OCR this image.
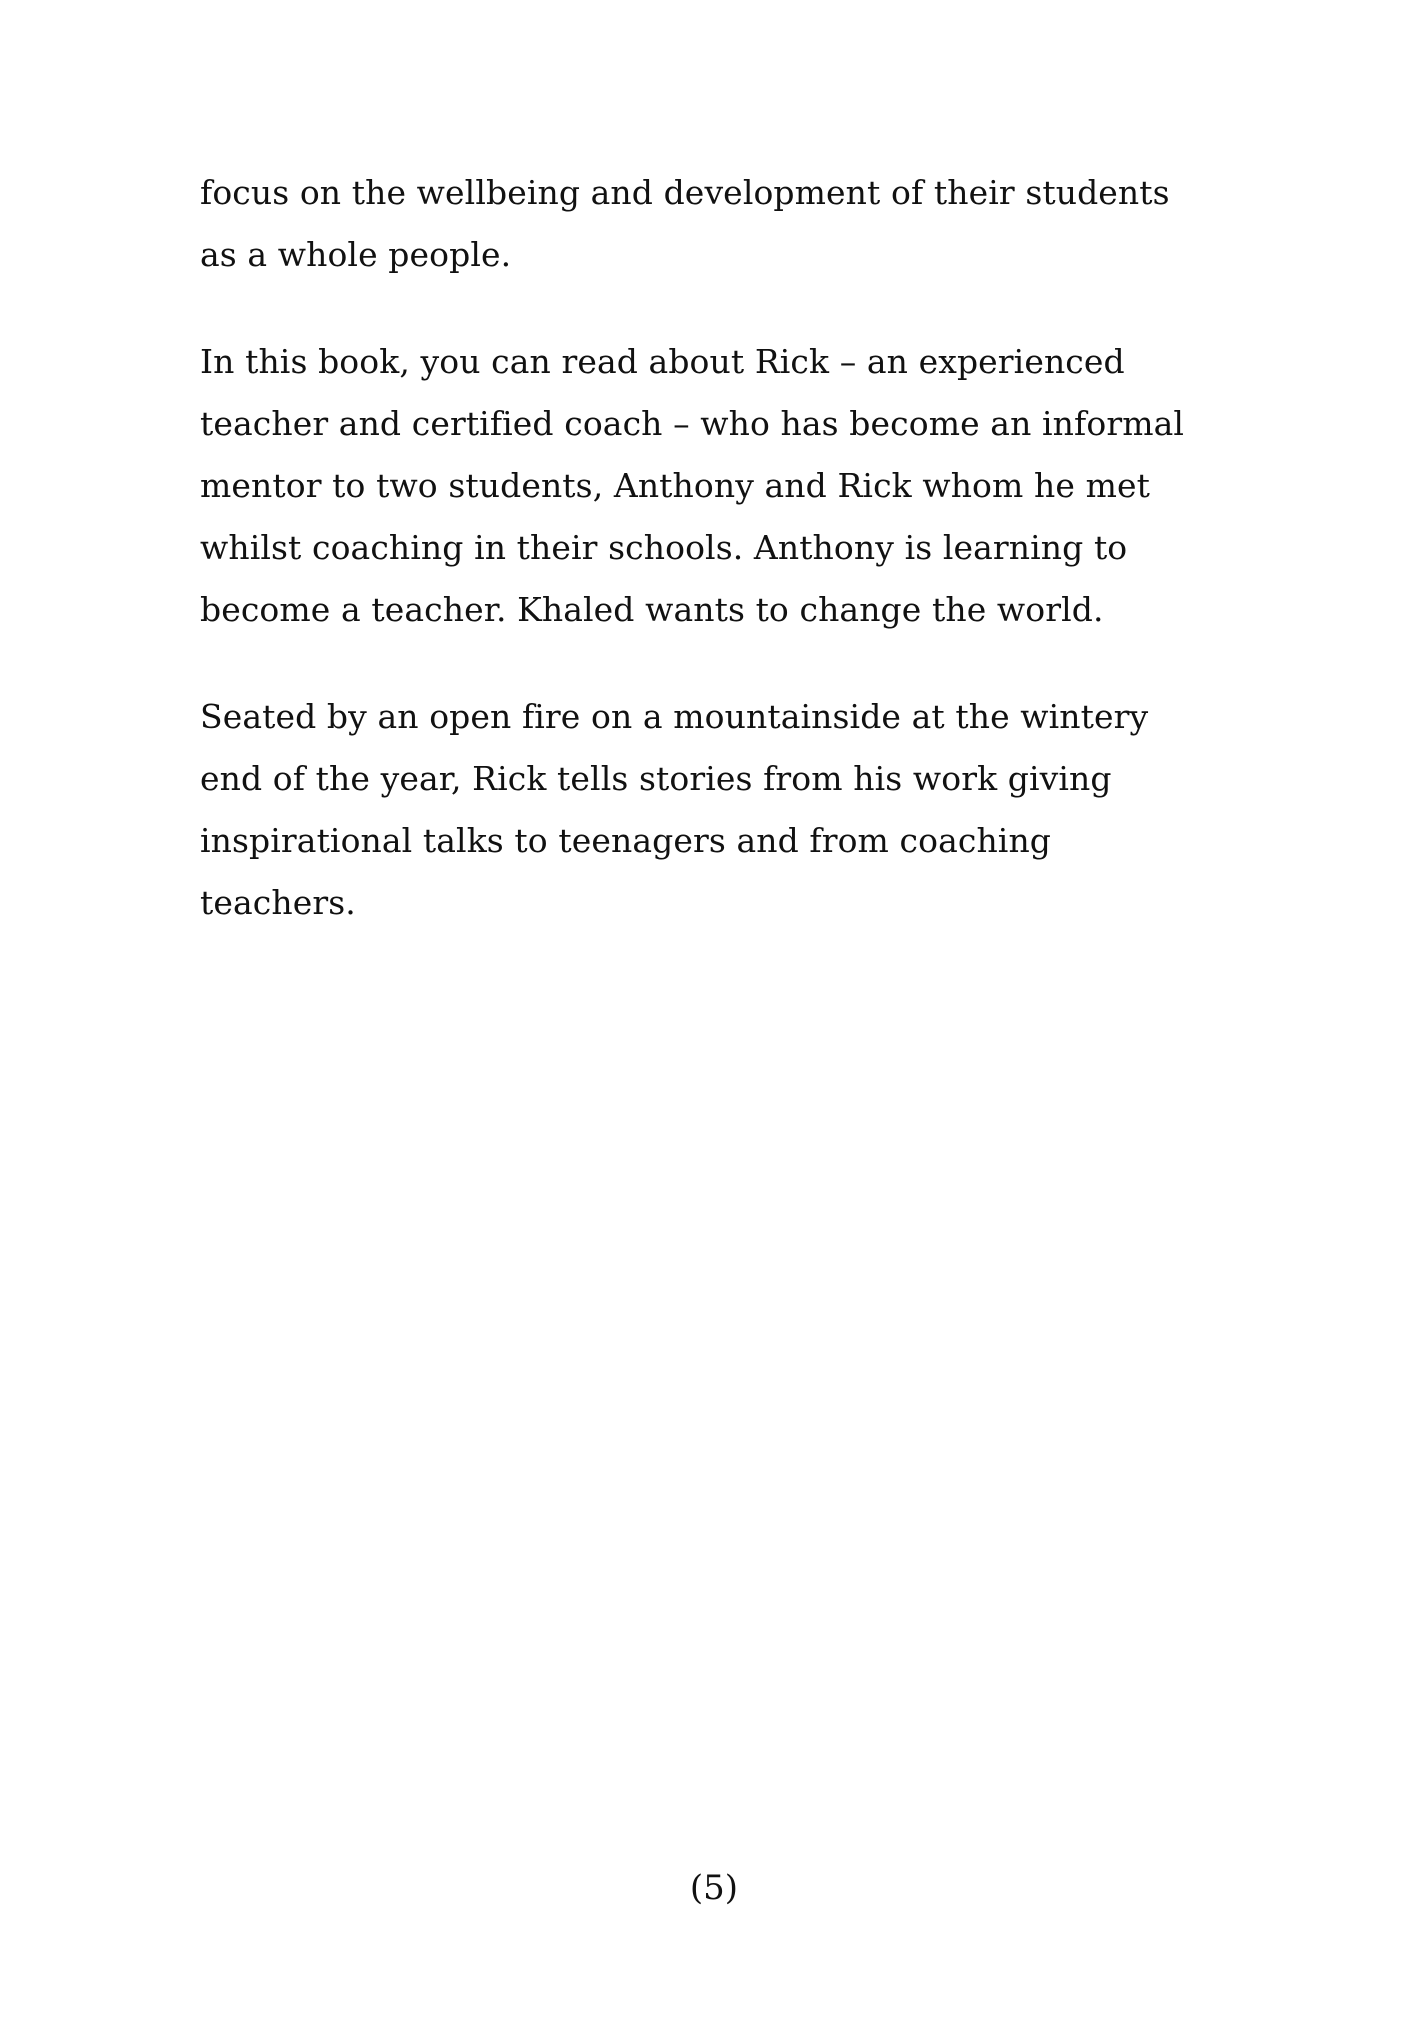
focus on the wellbeing and development of their students
as a whole people.

In this book, you can read about Rick – an experienced
teacher and certified coach – who has become an informal
mentor to two students, Anthony and Rick whom he met
whilst coaching in their schools. Anthony is learning to
become a teacher. Khaled wants to change the world.

Seated by an open fire on a mountainside at the wintery
end of the year, Rick tells stories from his work giving
inspirational talks to teenagers and from coaching
teachers.

(5)
